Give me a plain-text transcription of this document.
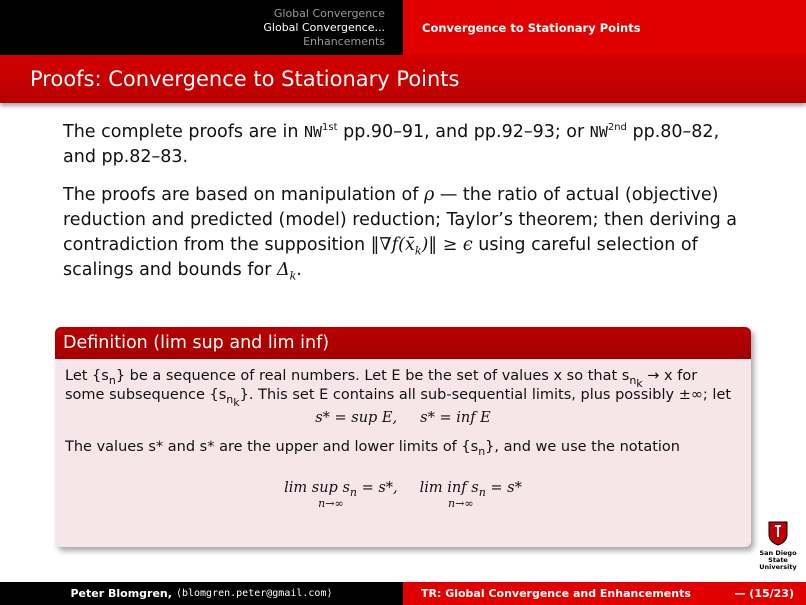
Global Convergence
Global Convergence...
Enhancements
Convergence to Stationary Points
Proofs: Convergence to Stationary Points

The complete proofs are in $NW^{1st}$ pp.90–91, and pp.92–93; or $NW^{2nd}$ pp.80–82, and pp.82–83.

The proofs are based on manipulation of ρ — the ratio of actual (objective) reduction and predicted (model) reduction; Taylor’s theorem; then deriving a contradiction from the supposition $‖\nabla f(x̄_k)‖ \ge \epsilon$ using careful selection of scalings and bounds for $\Delta_k$.

Definition (lim sup and lim inf)

Let $\{s_n\}$ be a sequence of real numbers. Let E be the set of values x so that $s_{n_k} \to x$ for some subsequence $\{s_{n_k}\}$. This set E contains all sub-sequential limits, plus possibly ±∞; let

s* = sup E,     s* = inf E

The values s* and s* are the upper and lower limits of $\{s_n\}$, and we use the notation

lim sup $s_n = s*$,
n→∞
lim inf $s_n = s*$
n→∞
San Diego State University
Peter Blomgren, ⟨blomgren.peter@gmail.com⟩	TR: Global Convergence and Enhancements	— (15/23)
